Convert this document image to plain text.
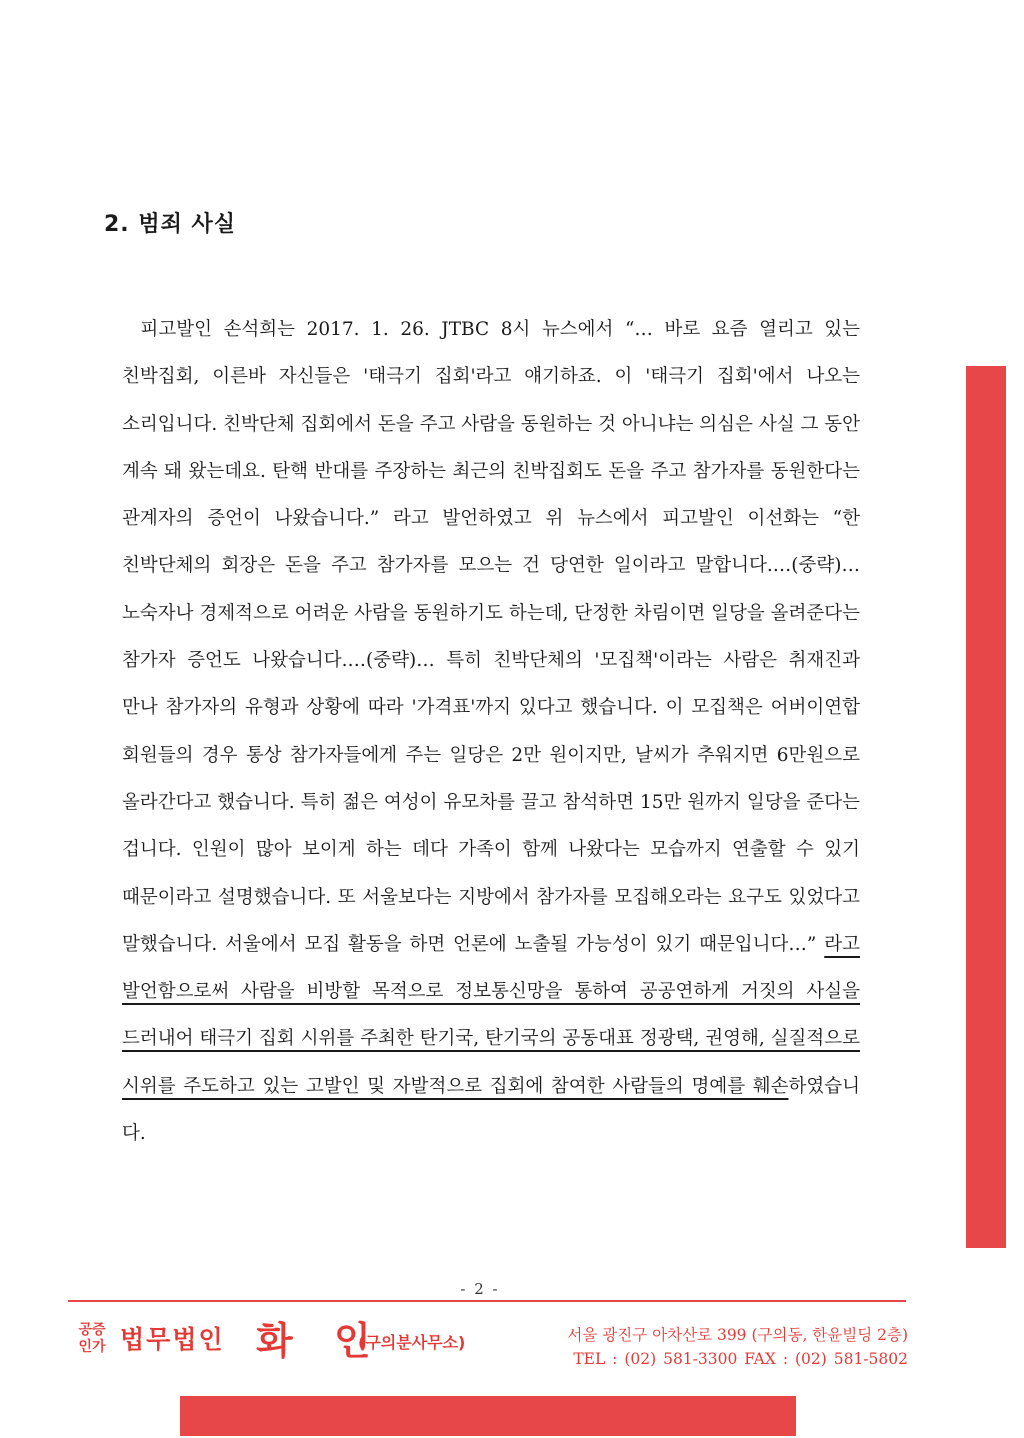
2. 범죄 사실

 피고발인 손석희는 2017. 1. 26. JTBC 8시 뉴스에서 “… 바로 요즘 열리고 있는 친박집회, 이른바 자신들은 '태극기 집회'라고 얘기하죠. 이 '태극기 집회'에서 나오는 소리입니다. 친박단체 집회에서 돈을 주고 사람을 동원하는 것 아니냐는 의심은 사실 그 동안 계속 돼 왔는데요. 탄핵 반대를 주장하는 최근의 친박집회도 돈을 주고 참가자를 동원한다는 관계자의 증언이 나왔습니다.” 라고 발언하였고 위 뉴스에서 피고발인 이선화는 “한 친박단체의 회장은 돈을 주고 참가자를 모으는 건 당연한 일이라고 말합니다.…(중략)…노숙자나 경제적으로 어려운 사람을 동원하기도 하는데, 단정한 차림이면 일당을 올려준다는 참가자 증언도 나왔습니다.…(중략)… 특히 친박단체의 '모집책'이라는 사람은 취재진과 만나 참가자의 유형과 상황에 따라 '가격표'까지 있다고 했습니다. 이 모집책은 어버이연합 회원들의 경우 통상 참가자들에게 주는 일당은 2만 원이지만, 날씨가 추워지면 6만원으로 올라간다고 했습니다. 특히 젊은 여성이 유모차를 끌고 참석하면 15만 원까지 일당을 준다는 겁니다. 인원이 많아 보이게 하는 데다 가족이 함께 나왔다는 모습까지 연출할 수 있기 때문이라고 설명했습니다. 또 서울보다는 지방에서 참가자를 모집해오라는 요구도 있었다고 말했습니다. 서울에서 모집 활동을 하면 언론에 노출될 가능성이 있기 때문입니다…” 라고 발언함으로써 사람을 비방할 목적으로 정보통신망을 통하여 공공연하게 거짓의 사실을 드러내어 태극기 집회 시위를 주최한 탄기국, 탄기국의 공동대표 정광택, 권영해, 실질적으로 시위를 주도하고 있는 고발인 및 자발적으로 집회에 참여한 사람들의 명예를 훼손하였습니
다.

- 2 -
공증
인가 법무법인 화 인
(구의분사무소)	서울 광진구 아차산로 399 (구의동, 한윤빌딩 2층)
TEL : (02) 581-3300 FAX : (02) 581-5802
